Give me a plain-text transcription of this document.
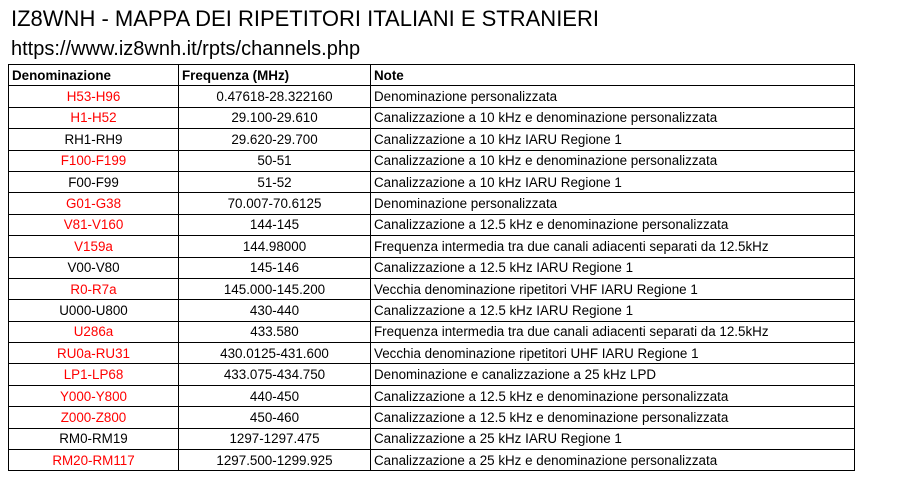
IZ8WNH - MAPPA DEI RIPETITORI ITALIANI E STRANIERI
https://www.iz8wnh.it/rpts/channels.php
Denominazione	Frequenza (MHz)	Note
H53-H96	0.47618-28.322160	Denominazione personalizzata
H1-H52	29.100-29.610	Canalizzazione a 10 kHz e denominazione personalizzata
RH1-RH9	29.620-29.700	Canalizzazione a 10 kHz IARU Regione 1
F100-F199	50-51	Canalizzazione a 10 kHz e denominazione personalizzata
F00-F99	51-52	Canalizzazione a 10 kHz IARU Regione 1
G01-G38	70.007-70.6125	Denominazione personalizzata
V81-V160	144-145	Canalizzazione a 12.5 kHz e denominazione personalizzata
V159a	144.98000	Frequenza intermedia tra due canali adiacenti separati da 12.5kHz
V00-V80	145-146	Canalizzazione a 12.5 kHz IARU Regione 1
R0-R7a	145.000-145.200	Vecchia denominazione ripetitori VHF IARU Regione 1
U000-U800	430-440	Canalizzazione a 12.5 kHz IARU Regione 1
U286a	433.580	Frequenza intermedia tra due canali adiacenti separati da 12.5kHz
RU0a-RU31	430.0125-431.600	Vecchia denominazione ripetitori UHF IARU Regione 1
LP1-LP68	433.075-434.750	Denominazione e canalizzazione a 25 kHz LPD
Y000-Y800	440-450	Canalizzazione a 12.5 kHz e denominazione personalizzata
Z000-Z800	450-460	Canalizzazione a 12.5 kHz e denominazione personalizzata
RM0-RM19	1297-1297.475	Canalizzazione a 25 kHz IARU Regione 1
RM20-RM117	1297.500-1299.925	Canalizzazione a 25 kHz e denominazione personalizzata
